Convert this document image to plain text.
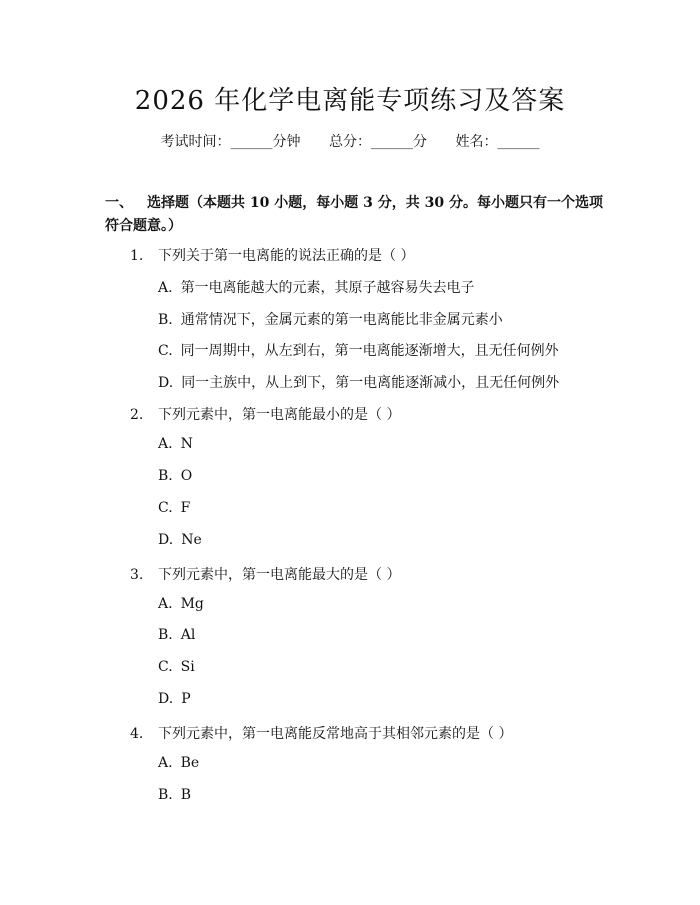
2026 年化学电离能专项练习及答案
考试时间：______分钟 总分：______分 姓名：______
一、 选择题（本题共 10 小题，每小题 3 分，共 30 分。每小题只有一个选项符合题意。）
1. 下列关于第一电离能的说法正确的是（ ）
A. 第一电离能越大的元素，其原子越容易失去电子
B. 通常情况下，金属元素的第一电离能比非金属元素小
C. 同一周期中，从左到右，第一电离能逐渐增大，且无任何例外
D. 同一主族中，从上到下，第一电离能逐渐减小，且无任何例外
2. 下列元素中，第一电离能最小的是（ ）
A. N
B. O
C. F
D. Ne
3. 下列元素中，第一电离能最大的是（ ）
A. Mg
B. Al
C. Si
D. P
4. 下列元素中，第一电离能反常地高于其相邻元素的是（ ）
A. Be
B. B
